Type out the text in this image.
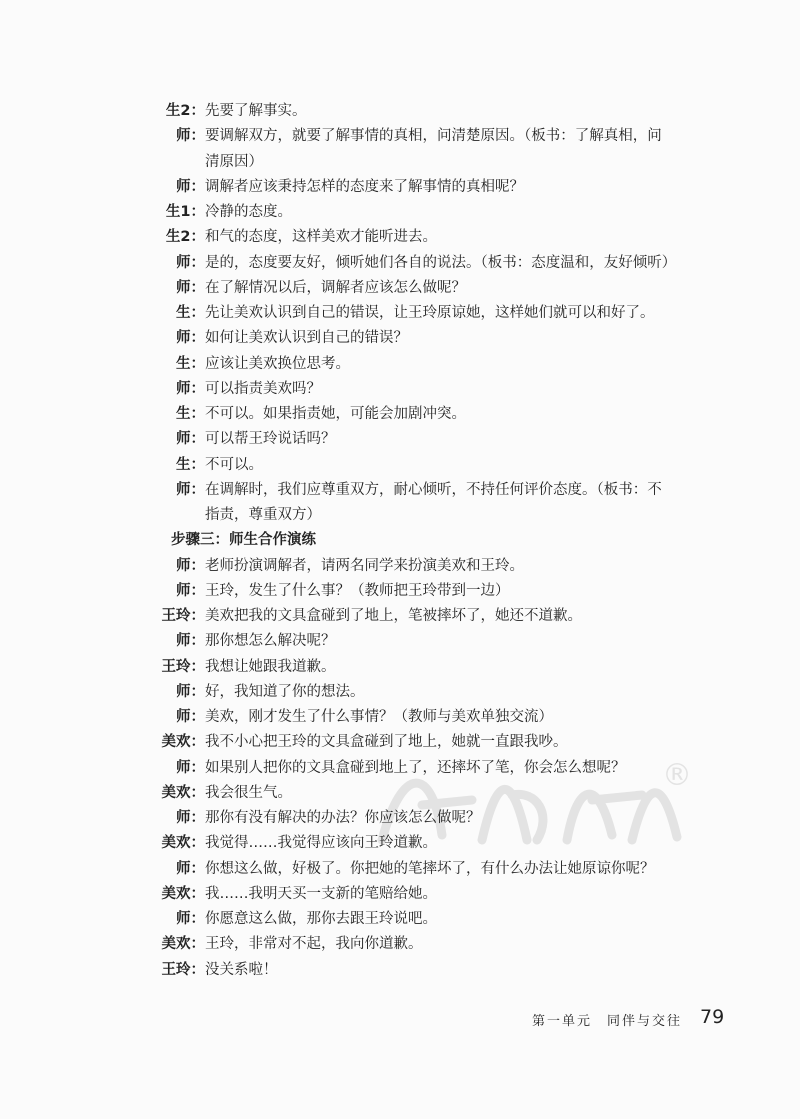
生2： 先要了解事实。
师： 要调解双方，就要了解事情的真相，问清楚原因。（板书：了解真相，问
清原因）
师： 调解者应该秉持怎样的态度来了解事情的真相呢？
生1： 冷静的态度。
生2： 和气的态度，这样美欢才能听进去。
师： 是的，态度要友好，倾听她们各自的说法。（板书：态度温和，友好倾听）
师： 在了解情况以后，调解者应该怎么做呢？
生： 先让美欢认识到自己的错误，让王玲原谅她，这样她们就可以和好了。
师： 如何让美欢认识到自己的错误？
生： 应该让美欢换位思考。
师： 可以指责美欢吗？
生： 不可以。如果指责她，可能会加剧冲突。
师： 可以帮王玲说话吗？
生： 不可以。
师： 在调解时，我们应尊重双方，耐心倾听，不持任何评价态度。（板书：不
指责，尊重双方）
步骤三：师生合作演练
师： 老师扮演调解者，请两名同学来扮演美欢和王玲。
师： 王玲，发生了什么事？（教师把王玲带到一边）
王玲： 美欢把我的文具盒碰到了地上，笔被摔坏了，她还不道歉。
师： 那你想怎么解决呢？
王玲： 我想让她跟我道歉。
师： 好，我知道了你的想法。
师： 美欢，刚才发生了什么事情？（教师与美欢单独交流）
美欢： 我不小心把王玲的文具盒碰到了地上，她就一直跟我吵。
师： 如果别人把你的文具盒碰到地上了，还摔坏了笔，你会怎么想呢？
美欢： 我会很生气。
师： 那你有没有解决的办法？你应该怎么做呢？
美欢： 我觉得……我觉得应该向王玲道歉。
师： 你想这么做，好极了。你把她的笔摔坏了，有什么办法让她原谅你呢？
美欢： 我……我明天买一支新的笔赔给她。
师： 你愿意这么做，那你去跟王玲说吧。
美欢： 王玲，非常对不起，我向你道歉。
王玲： 没关系啦！
®
第一单元　同伴与交往 79
